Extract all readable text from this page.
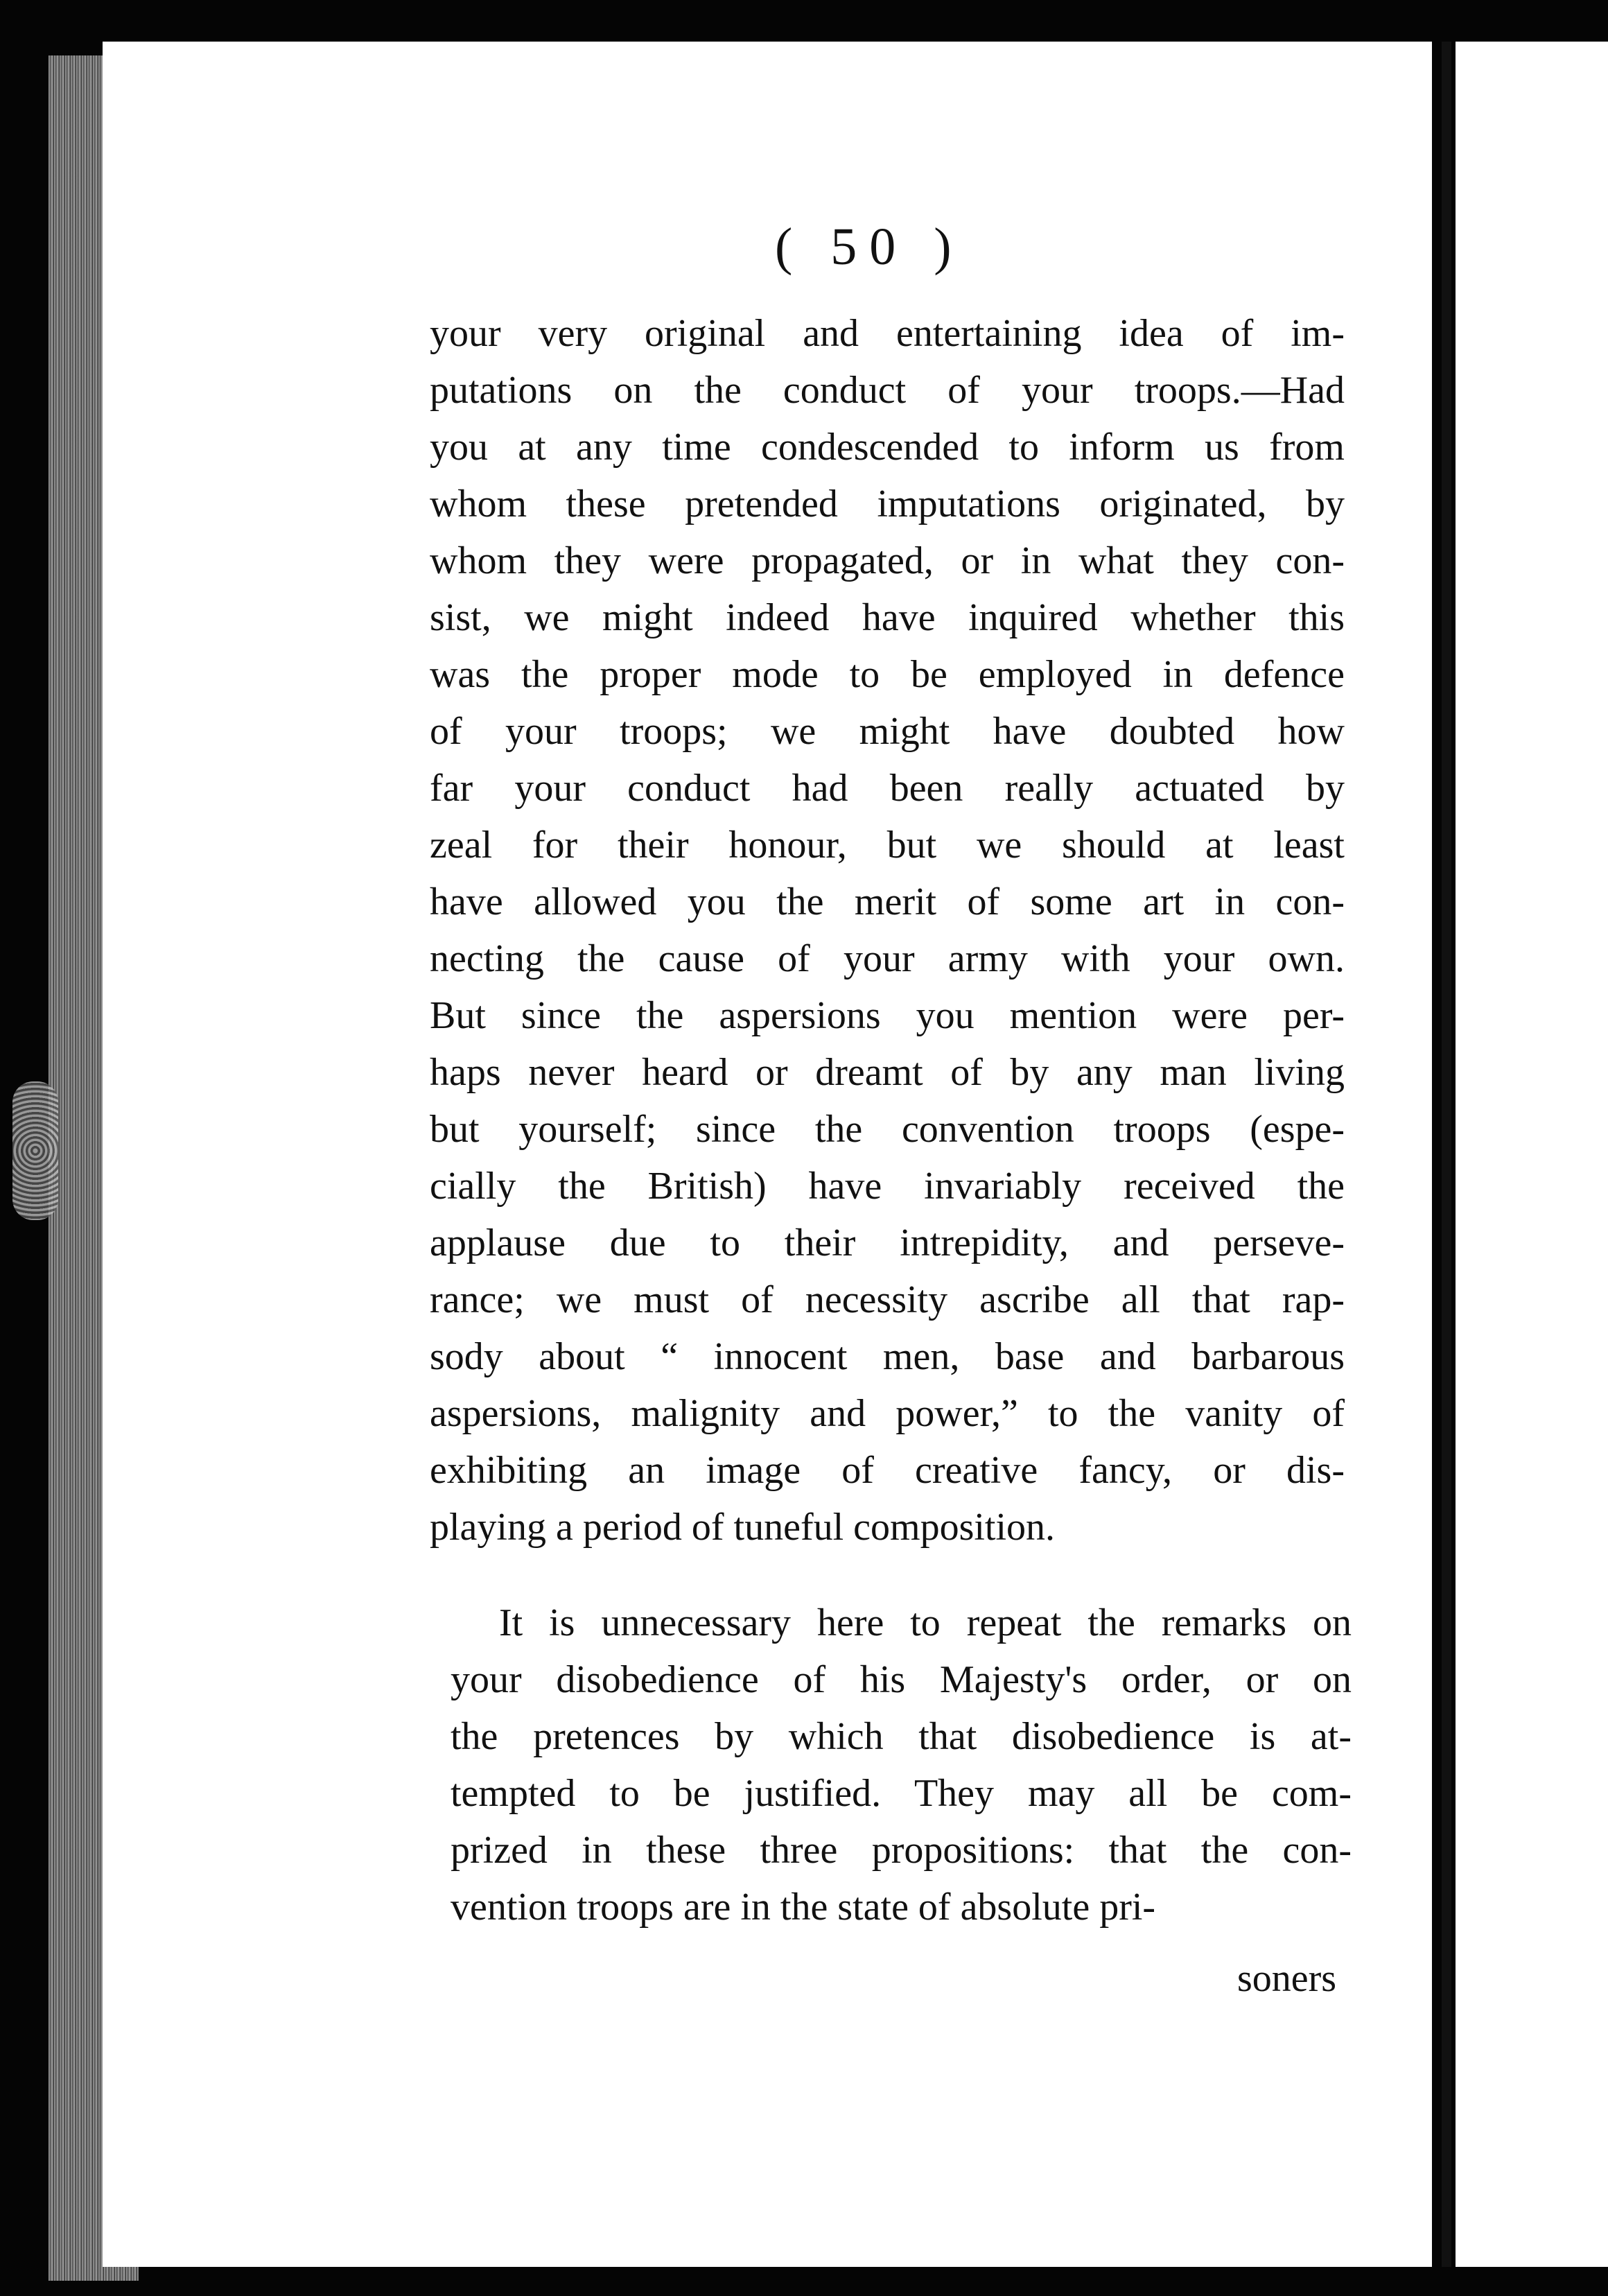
( 50 )
your very original and entertaining idea of im-
putations on the conduct of your troops.—Had
you at any time condescended to inform us from
whom these pretended imputations originated, by
whom they were propagated, or in what they con-
sist, we might indeed have inquired whether this
was the proper mode to be employed in defence
of your troops; we might have doubted how
far your conduct had been really actuated by
zeal for their honour, but we should at least
have allowed you the merit of some art in con-
necting the cause of your army with your own.
But since the aspersions you mention were per-
haps never heard or dreamt of by any man living
but yourself; since the convention troops (espe-
cially the British) have invariably received the
applause due to their intrepidity, and perseve-
rance; we must of necessity ascribe all that rap-
sody about “ innocent men, base and barbarous
aspersions, malignity and power,” to the vanity of
exhibiting an image of creative fancy, or dis-
playing a period of tuneful composition.
It is unnecessary here to repeat the remarks on
your disobedience of his Majesty's order, or on
the pretences by which that disobedience is at-
tempted to be justified. They may all be com-
prized in these three propositions: that the con-
vention troops are in the state of absolute pri-
soners
